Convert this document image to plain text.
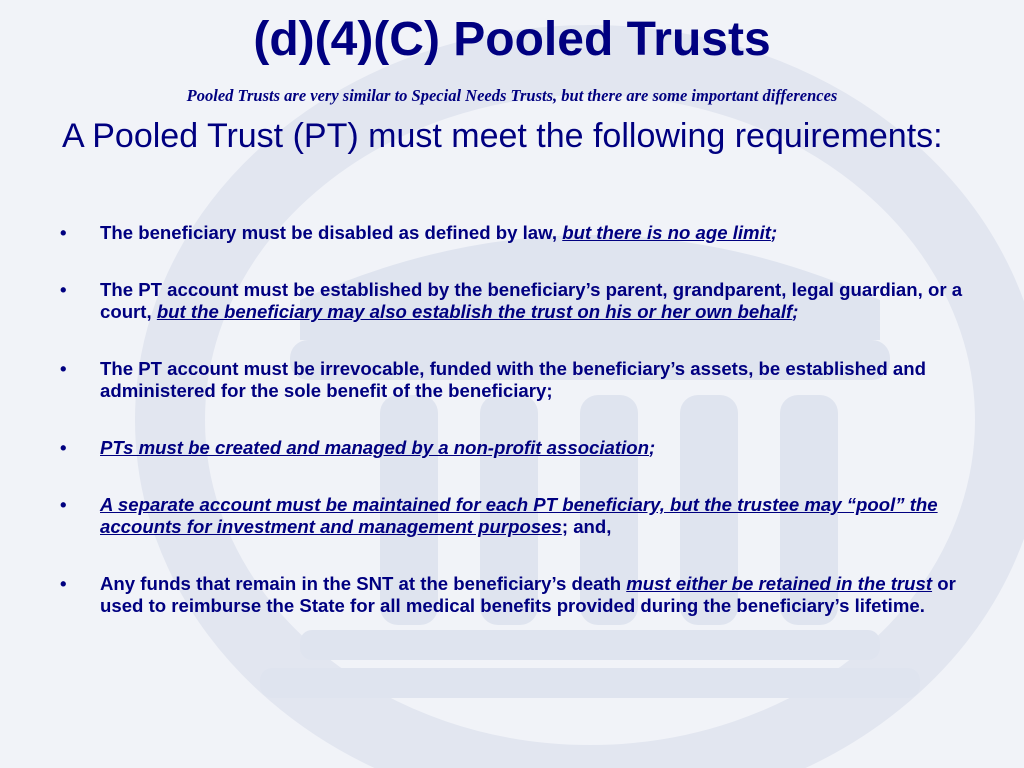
(d)(4)(C) Pooled Trusts
Pooled Trusts are very similar to Special Needs Trusts, but there are some important differences
A Pooled Trust (PT) must meet the following requirements:
•	The beneficiary must be disabled as defined by law, but there is no age limit;
•	The PT account must be established by the beneficiary’s parent, grandparent, legal guardian, or a court, but the beneficiary may also establish the trust on his or her own behalf;
•	The PT account must be irrevocable, funded with the beneficiary’s assets, be established and administered for the sole benefit of the beneficiary;
•	PTs must be created and managed by a non-profit association;
•	A separate account must be maintained for each PT beneficiary, but the trustee may “pool” the accounts for investment and management purposes; and,
•	Any funds that remain in the SNT at the beneficiary’s death must either be retained in the trust or used to reimburse the State for all medical benefits provided during the beneficiary’s lifetime.
